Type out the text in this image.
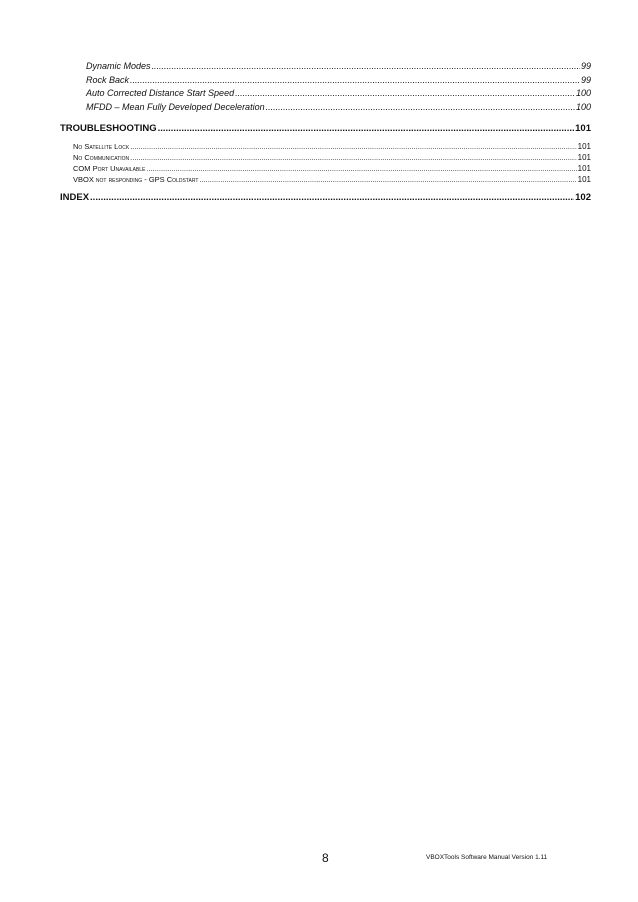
Dynamic Modes .....	99
Rock Back .....	99
Auto Corrected Distance Start Speed .....	100
MFDD – Mean Fully Developed Deceleration .....	100
TROUBLESHOOTING .....	101
No Satellite Lock .....	101
No Communication .....	101
COM Port Unavailable .....	101
VBOX not responding - GPS Coldstart .....	101
INDEX .....	102
8	VBOXTools Software Manual Version 1.11
